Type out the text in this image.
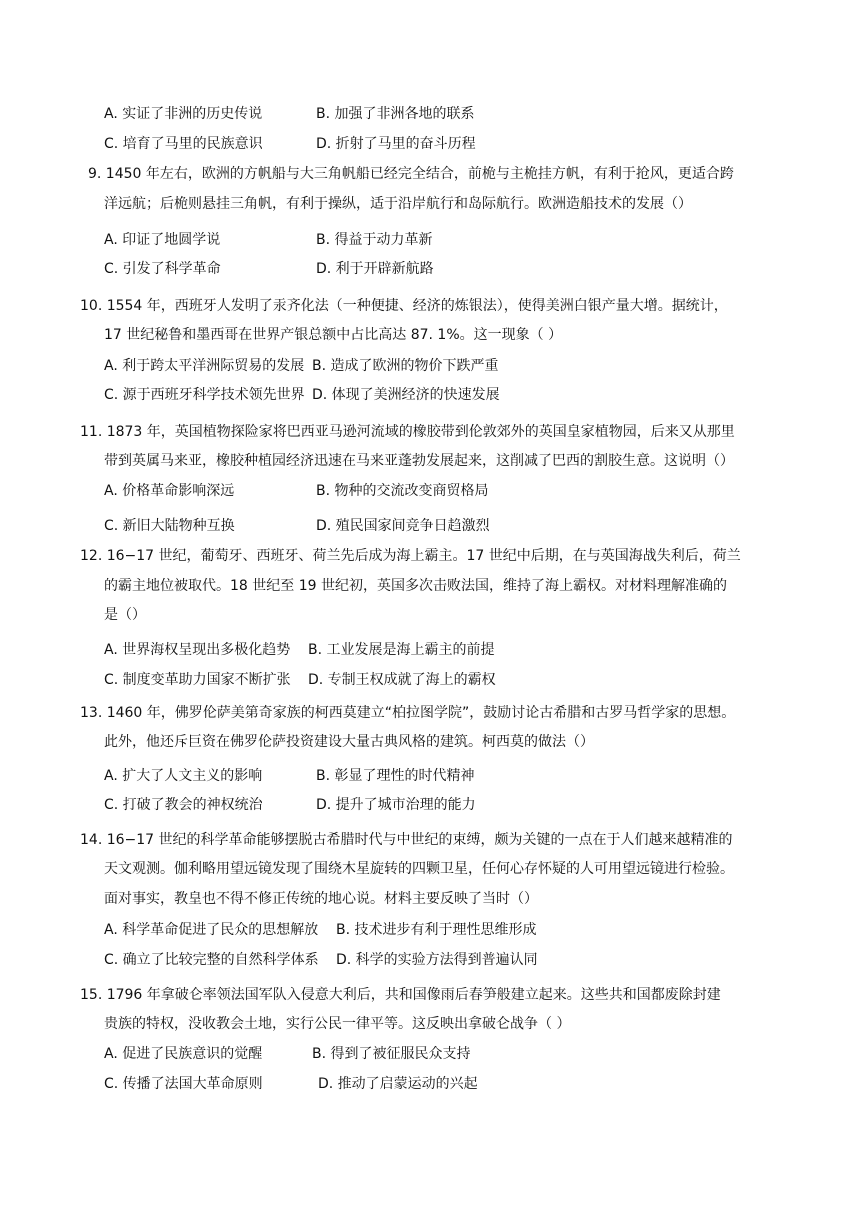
A. 实证了非洲的历史传说	B. 加强了非洲各地的联系
C. 培育了马里的民族意识	D. 折射了马里的奋斗历程
9. 1450 年左右，欧洲的方帆船与大三角帆船已经完全结合，前桅与主桅挂方帆，有利于抢风，更适合跨
洋远航；后桅则悬挂三角帆，有利于操纵，适于沿岸航行和岛际航行。欧洲造船技术的发展（）
A. 印证了地圆学说	B. 得益于动力革新
C. 引发了科学革命	D. 利于开辟新航路
10. 1554 年，西班牙人发明了汞齐化法（一种便捷、经济的炼银法），使得美洲白银产量大增。据统计，
17 世纪秘鲁和墨西哥在世界产银总额中占比高达 87. 1%。这一现象（ ）
A. 利于跨太平洋洲际贸易的发展 B. 造成了欧洲的物价下跌严重
C. 源于西班牙科学技术领先世界 D. 体现了美洲经济的快速发展
11. 1873 年，英国植物探险家将巴西亚马逊河流域的橡胶带到伦敦郊外的英国皇家植物园，后来又从那里
带到英属马来亚，橡胶种植园经济迅速在马来亚蓬勃发展起来，这削减了巴西的割胶生意。这说明（）
A. 价格革命影响深远	B. 物种的交流改变商贸格局
C. 新旧大陆物种互换	D. 殖民国家间竞争日趋激烈
12. 16−17 世纪，葡萄牙、西班牙、荷兰先后成为海上霸主。17 世纪中后期，在与英国海战失利后，荷兰
的霸主地位被取代。18 世纪至 19 世纪初，英国多次击败法国，维持了海上霸权。对材料理解准确的
是（）
A. 世界海权呈现出多极化趋势 B. 工业发展是海上霸主的前提
C. 制度变革助力国家不断扩张 D. 专制王权成就了海上的霸权
13. 1460 年，佛罗伦萨美第奇家族的柯西莫建立“柏拉图学院”，鼓励讨论古希腊和古罗马哲学家的思想。
此外，他还斥巨资在佛罗伦萨投资建设大量古典风格的建筑。柯西莫的做法（）
A. 扩大了人文主义的影响	B. 彰显了理性的时代精神
C. 打破了教会的神权统治	D. 提升了城市治理的能力
14. 16−17 世纪的科学革命能够摆脱古希腊时代与中世纪的束缚，颇为关键的一点在于人们越来越精准的
天文观测。伽利略用望远镜发现了围绕木星旋转的四颗卫星，任何心存怀疑的人可用望远镜进行检验。
面对事实，教皇也不得不修正传统的地心说。材料主要反映了当时（）
A. 科学革命促进了民众的思想解放 B. 技术进步有利于理性思维形成
C. 确立了比较完整的自然科学体系 D. 科学的实验方法得到普遍认同
15. 1796 年拿破仑率领法国军队入侵意大利后，共和国像雨后春笋般建立起来。这些共和国都废除封建
贵族的特权，没收教会土地，实行公民一律平等。这反映出拿破仑战争（ ）
A. 促进了民族意识的觉醒	B. 得到了被征服民众支持
C. 传播了法国大革命原则	D. 推动了启蒙运动的兴起
